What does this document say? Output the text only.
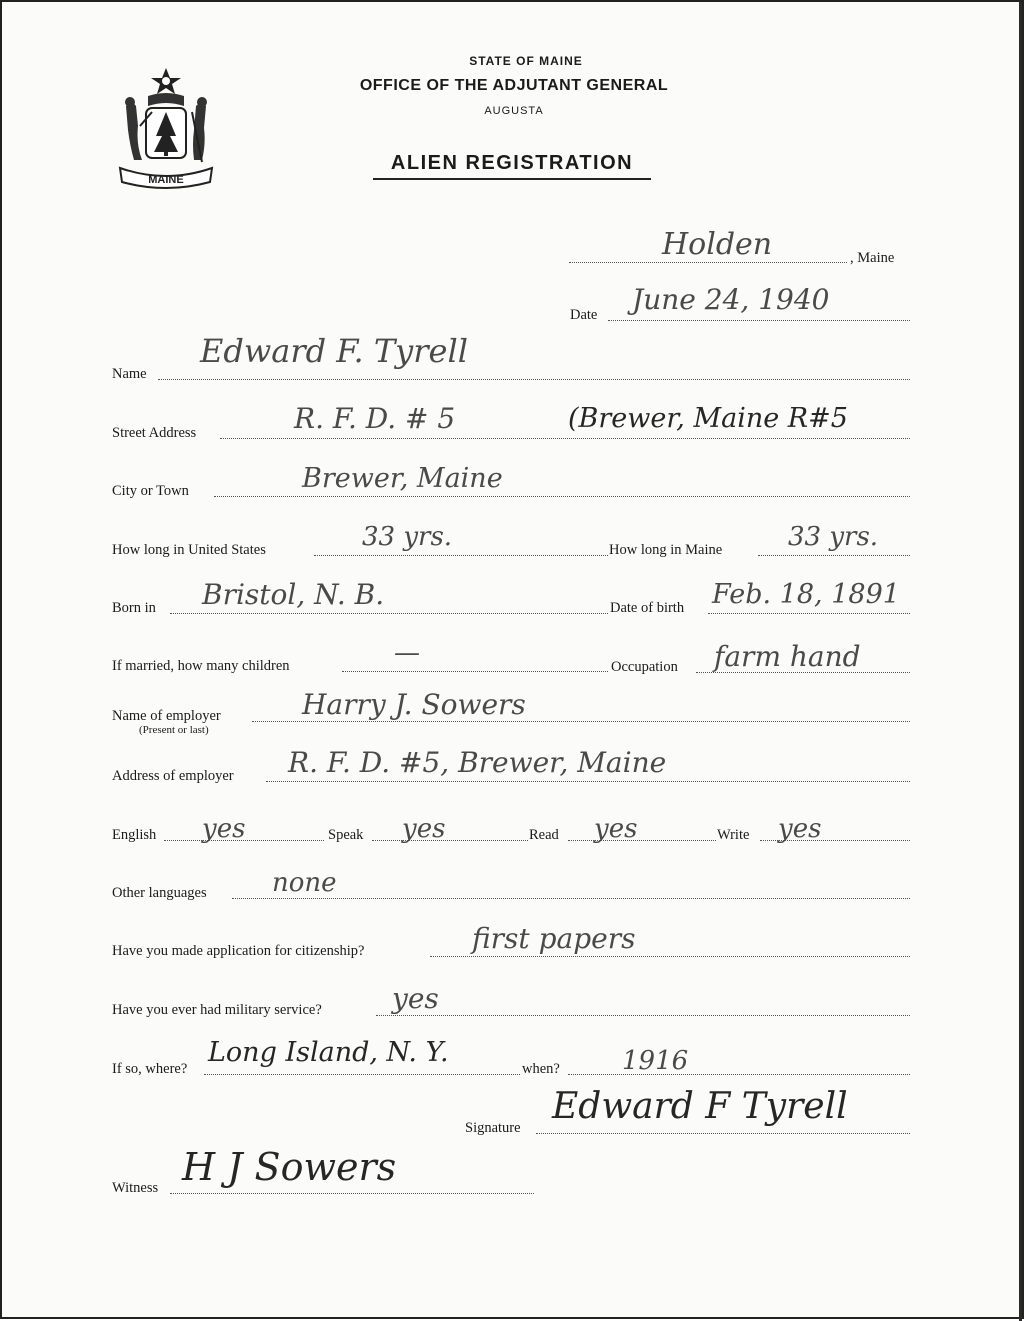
MAINE
STATE OF MAINE
OFFICE OF THE ADJUTANT GENERAL
AUGUSTA
ALIEN REGISTRATION
Holden	, Maine
Date June 24, 1940
Name
Edward F. Tyrell
Street Address	R. F. D. # 5	(Brewer, Maine R#5
City or Town	Brewer, Maine
How long in United States	33 yrs.	How long in Maine	33 yrs.
Born in Bristol, N. B.	Date of birth Feb. 18, 1891
If married, how many children	—	Occupation farm hand
Name of employer
(Present or last)
Harry J. Sowers
Address of employer R. F. D. #5, Brewer, Maine
English yes	Speak yes	Read yes	Write yes
Other languages	none
Have you made application for citizenship?	first papers
Have you ever had military service?	yes
If so, where?
Long Island, N. Y.
when? 1916
Signature
Edward F Tyrell
Witness H J Sowers
